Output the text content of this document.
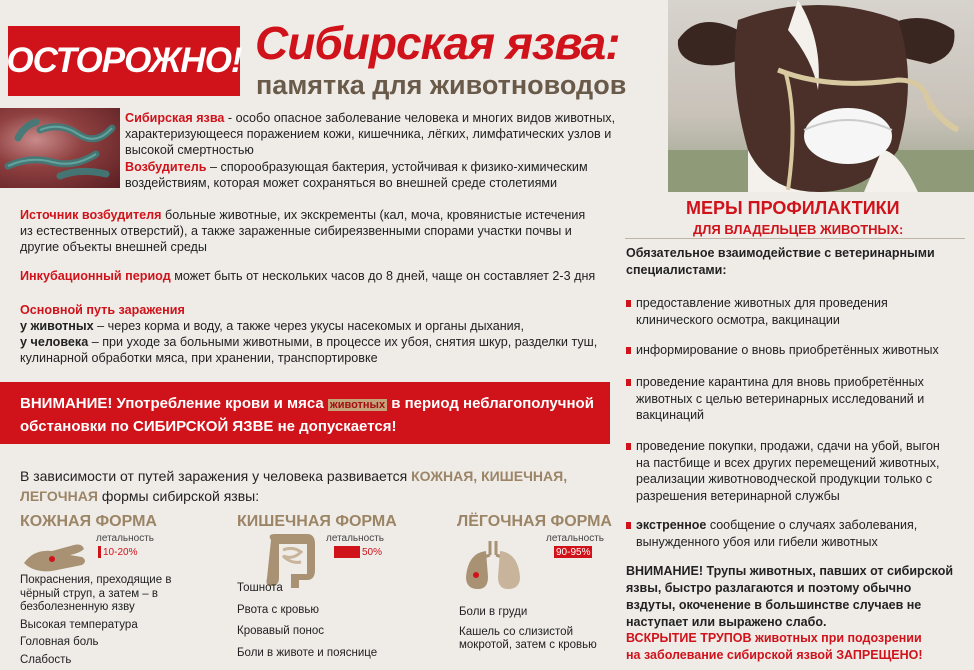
ОСТОРОЖНО! Сибирская язва:
памятка для животноводов
Сибирская язва - особо опасное заболевание человека и многих видов животных, характеризующееся поражением кожи, кишечника, лёгких, лимфатических узлов и высокой смертностью
Возбудитель – спорообразующая бактерия, устойчивая к физико-химическим воздействиям, которая может сохраняться во внешней среде столетиями
Источник возбудителя больные животные, их экскременты (кал, моча, кровянистые истечения из естественных отверстий), а также зараженные сибиреязвенными спорами участки почвы и другие объекты внешней среды
Инкубационный период может быть от нескольких часов до 8 дней, чаще он составляет 2-3 дня
Основной путь заражения
у животных – через корма и воду, а также через укусы насекомых и органы дыхания,
у человека – при уходе за больными животными, в процессе их убоя, снятия шкур, разделки туш, кулинарной обработки мяса, при хранении, транспортировке
ВНИМАНИЕ! Употребление крови и мяса животных в период неблагополучной обстановки по СИБИРСКОЙ ЯЗВЕ не допускается!
В зависимости от путей заражения у человека развивается КОЖНАЯ, КИШЕЧНАЯ, ЛЕГОЧНАЯ формы сибирской язвы:
КОЖНАЯ ФОРМА
летальность
10-20%
Покраснения, преходящие в чёрный струп, а затем – в безболезненную язву
Высокая температура
Головная боль
Слабость
КИШЕЧНАЯ ФОРМА
летальность
50%
Тошнота
Рвота с кровью
Кровавый понос
Боли в животе и пояснице
ЛЁГОЧНАЯ ФОРМА
летальность
90-95%
Боли в груди
Кашель со слизистой мокротой, затем с кровью
МЕРЫ ПРОФИЛАКТИКИ
ДЛЯ ВЛАДЕЛЬЦЕВ ЖИВОТНЫХ:
Обязательное взаимодействие с ветеринарными специалистами:
предоставление животных для проведения клинического осмотра, вакцинации
информирование о вновь приобретённых животных
проведение карантина для вновь приобретённых животных с целью ветеринарных исследований и вакцинаций
проведение покупки, продажи, сдачи на убой, выгон на пастбище и всех других перемещений животных, реализации животноводческой продукции только с разрешения ветеринарной службы
экстренное сообщение о случаях заболевания, вынужденного убоя или гибели животных
ВНИМАНИЕ! Трупы животных, павших от сибирской язвы, быстро разлагаются и поэтому обычно вздуты, окоченение в большинстве случаев не наступает или выражено слабо.
ВСКРЫТИЕ ТРУПОВ животных при подозрении на заболевание сибирской язвой ЗАПРЕЩЕНО!
